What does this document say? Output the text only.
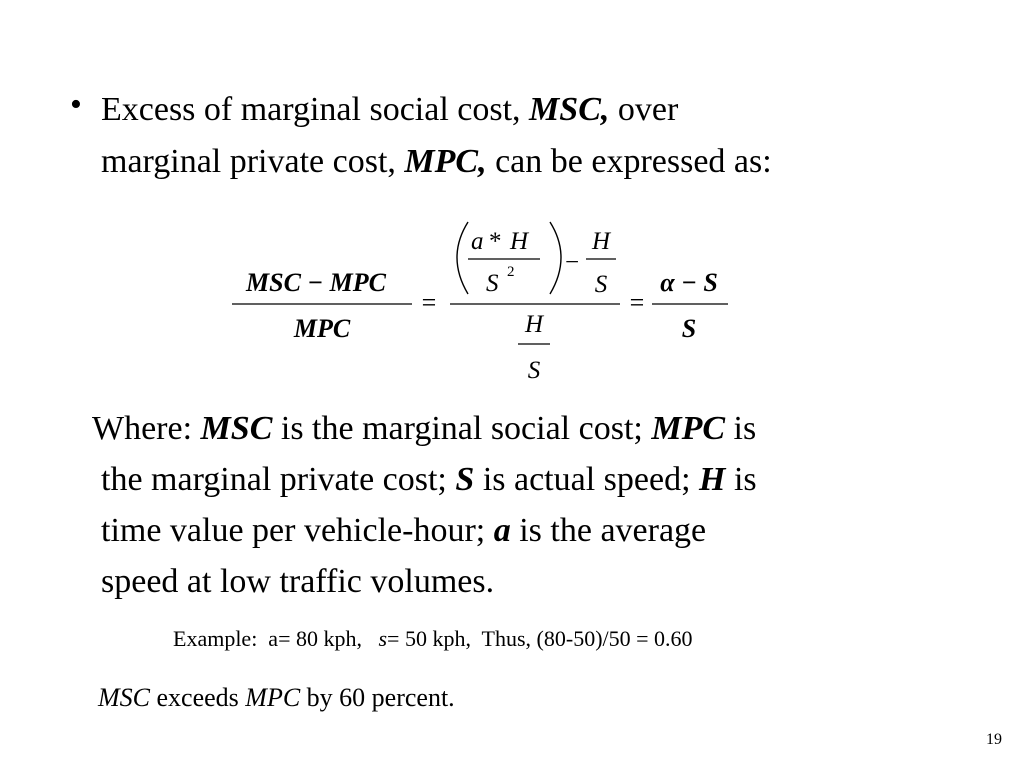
• Excess of marginal social cost, MSC, over
marginal private cost, MPC, can be expressed as:
MSC − MPC
MPC
=
a * H
S 2 −
H
S
H
S
=
α − S
S
Where: MSC is the marginal social cost; MPC is
the marginal private cost; S is actual speed; H is
time value per vehicle-hour; a is the average
speed at low traffic volumes.
Example:  a= 80 kph,   s= 50 kph,  Thus, (80-50)/50 = 0.60
MSC exceeds MPC by 60 percent.
19
